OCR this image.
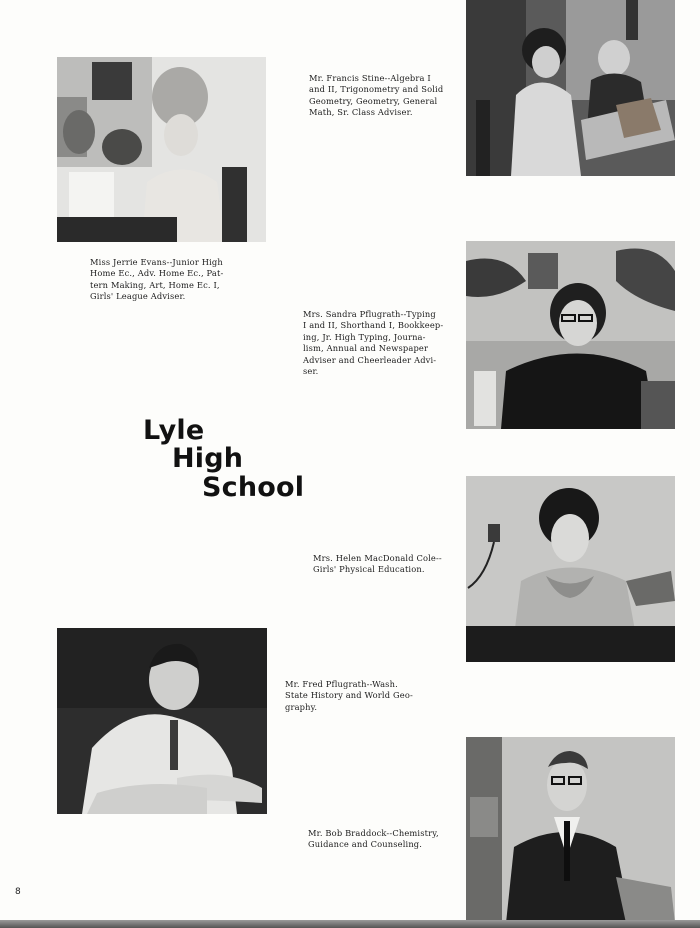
Mr. Francis Stine--Algebra I
and II, Trigonometry and Solid
Geometry, Geometry, General
Math, Sr. Class Adviser.
Miss Jerrie Evans--Junior High
Home Ec., Adv. Home Ec., Pat-
tern Making, Art, Home Ec. I,
Girls' League Adviser.
Mrs. Sandra Pflugrath--Typing
I and II, Shorthand I, Bookkeep-
ing, Jr. High Typing, Journa-
lism, Annual and Newspaper
Adviser and Cheerleader Advi-
ser.
Mrs. Helen MacDonald Cole--
Girls' Physical Education.
Mr. Fred Pflugrath--Wash.
State History and World Geo-
graphy.
Mr. Bob Braddock--Chemistry,
Guidance and Counseling.
Lyle
High
School
8
